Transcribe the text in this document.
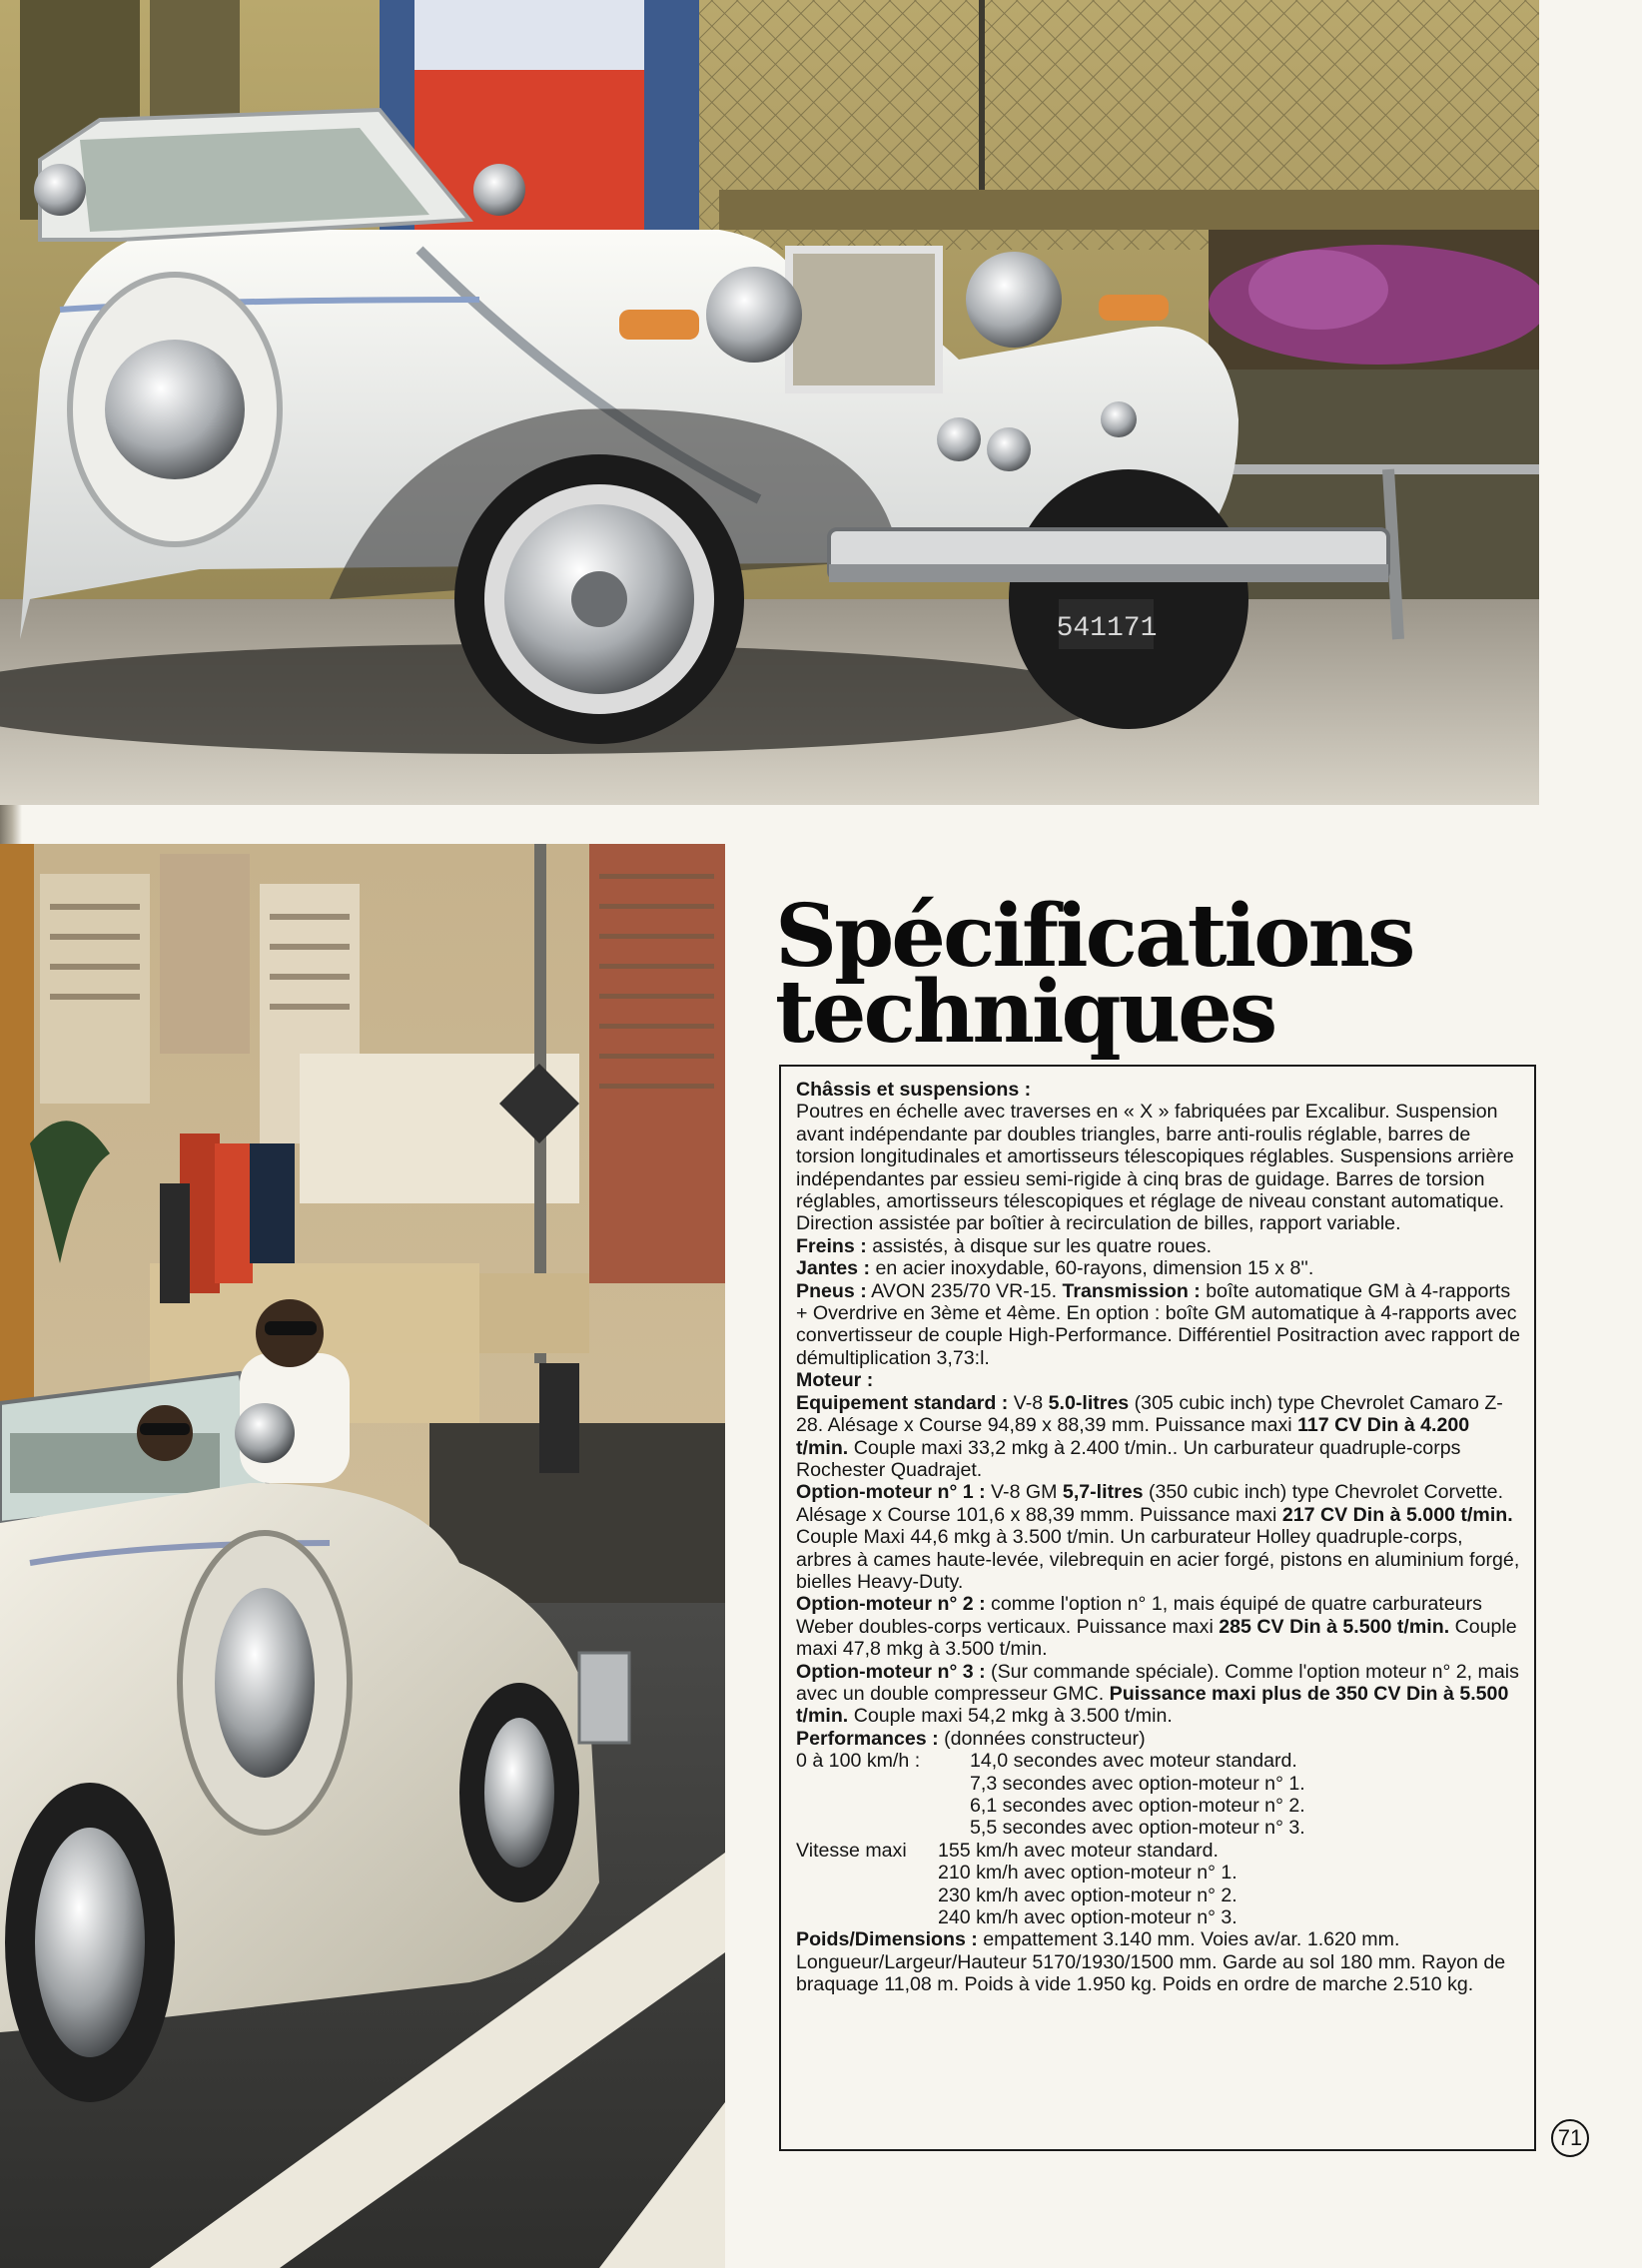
541171
Spécifications
techniques

Châssis et suspensions :
Poutres en échelle avec traverses en « X » fabriquées par Excalibur. Suspension avant indépendante par doubles triangles, barre anti-roulis réglable, barres de torsion longitudinales et amortisseurs télescopiques réglables. Suspensions arrière indépendantes par essieu semi-rigide à cinq bras de guidage. Barres de torsion réglables, amortisseurs télescopiques et réglage de niveau constant automatique. Direction assistée par boîtier à recirculation de billes, rapport variable.

Freins : assistés, à disque sur les quatre roues.

Jantes : en acier inoxydable, 60-rayons, dimension 15 x 8''.

Pneus : AVON 235/70 VR-15. Transmission : boîte automatique GM à 4-rapports + Overdrive en 3ème et 4ème. En option : boîte GM automatique à 4-rapports avec convertisseur de couple High-Performance. Différentiel Positraction avec rapport de démultiplication 3,73:l.

Moteur :

Equipement standard : V-8 5.0-litres (305 cubic inch) type Chevrolet Camaro Z-28. Alésage x Course 94,89 x 88,39 mm. Puissance maxi 117 CV Din à 4.200 t/min. Couple maxi 33,2 mkg à 2.400 t/min.. Un carburateur quadruple-corps Rochester Quadrajet.

Option-moteur n° 1 : V-8 GM 5,7-litres (350 cubic inch) type Chevrolet Corvette. Alésage x Course 101,6 x 88,39 mmm. Puissance maxi 217 CV Din à 5.000 t/min. Couple Maxi 44,6 mkg à 3.500 t/min. Un carburateur Holley quadruple-corps, arbres à cames haute-levée, vilebrequin en acier forgé, pistons en aluminium forgé, bielles Heavy-Duty.

Option-moteur n° 2 : comme l'option n° 1, mais équipé de quatre carburateurs Weber doubles-corps verticaux. Puissance maxi 285 CV Din à 5.500 t/min. Couple maxi 47,8 mkg à 3.500 t/min.

Option-moteur n° 3 : (Sur commande spéciale). Comme l'option moteur n° 2, mais avec un double compresseur GMC. Puissance maxi plus de 350 CV Din à 5.500 t/min. Couple maxi 54,2 mkg à 3.500 t/min.

Performances : (données constructeur)

0 à 100 km/h :	14,0 secondes avec moteur standard.
7,3 secondes avec option-moteur n° 1.
6,1 secondes avec option-moteur n° 2.
5,5 secondes avec option-moteur n° 3.
Vitesse maxi	155 km/h avec moteur standard.
210 km/h avec option-moteur n° 1.
230 km/h avec option-moteur n° 2.
240 km/h avec option-moteur n° 3.

Poids/Dimensions : empattement 3.140 mm. Voies av/ar. 1.620 mm. Longueur/Largeur/Hauteur 5170/1930/1500 mm. Garde au sol 180 mm. Rayon de braquage 11,08 m. Poids à vide 1.950 kg. Poids en ordre de marche 2.510 kg.

71
